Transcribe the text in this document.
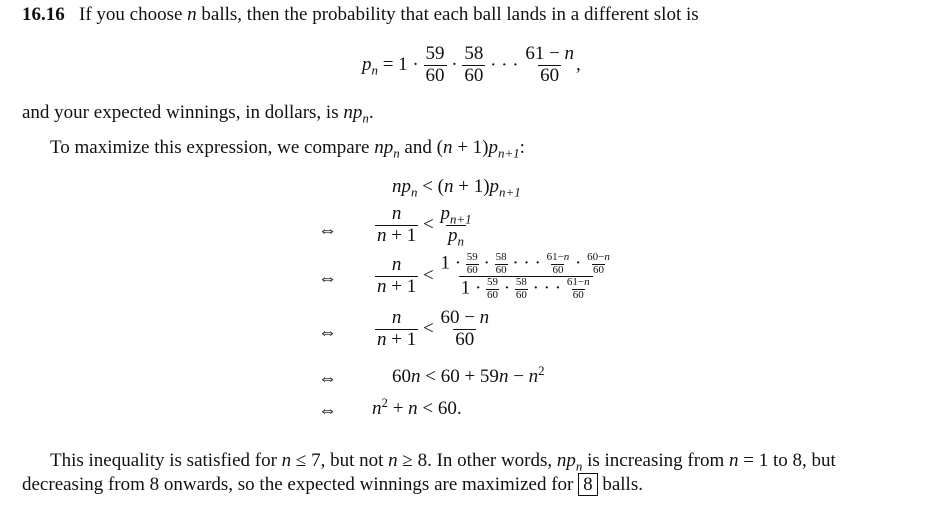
16.16   If you choose n balls, then the probability that each ball lands in a different slot is
$p_n = 1 \cdot \frac{59}{60} \cdot \frac{58}{60}$ · · · $\frac{61 - n}{60}$ ,
and your expected winnings, in dollars, is $np_n$.
To maximize this expression, we compare $np_n$ and $(n + 1)p_{n+1}$:
$np_n < (n + 1)p_{n+1}$
⇔ $\frac{n}{n + 1} < \frac{p_{n+1}}{p_n}$
⇔ $\frac{n}{n + 1}$ <
$1 \cdot \frac{59}{60} \cdot \frac{58}{60}$ · · · $\frac{61-n}{60} \cdot \frac{60-n}{60}$
$1 \cdot \frac{59}{60} \cdot \frac{58}{60}$ · · · $\frac{61-n}{60}$
⇔ $\frac{n}{n + 1} < \frac{60 - n}{60}$
⇔	$60n < 60 + 59n - n^2$
⇔ $n^2 + n < 60$.
This inequality is satisfied for n ≤ 7, but not n ≥ 8. In other words, $np_n$ is increasing from n = 1 to 8, but
decreasing from 8 onwards, so the expected winnings are maximized for 8 balls.
